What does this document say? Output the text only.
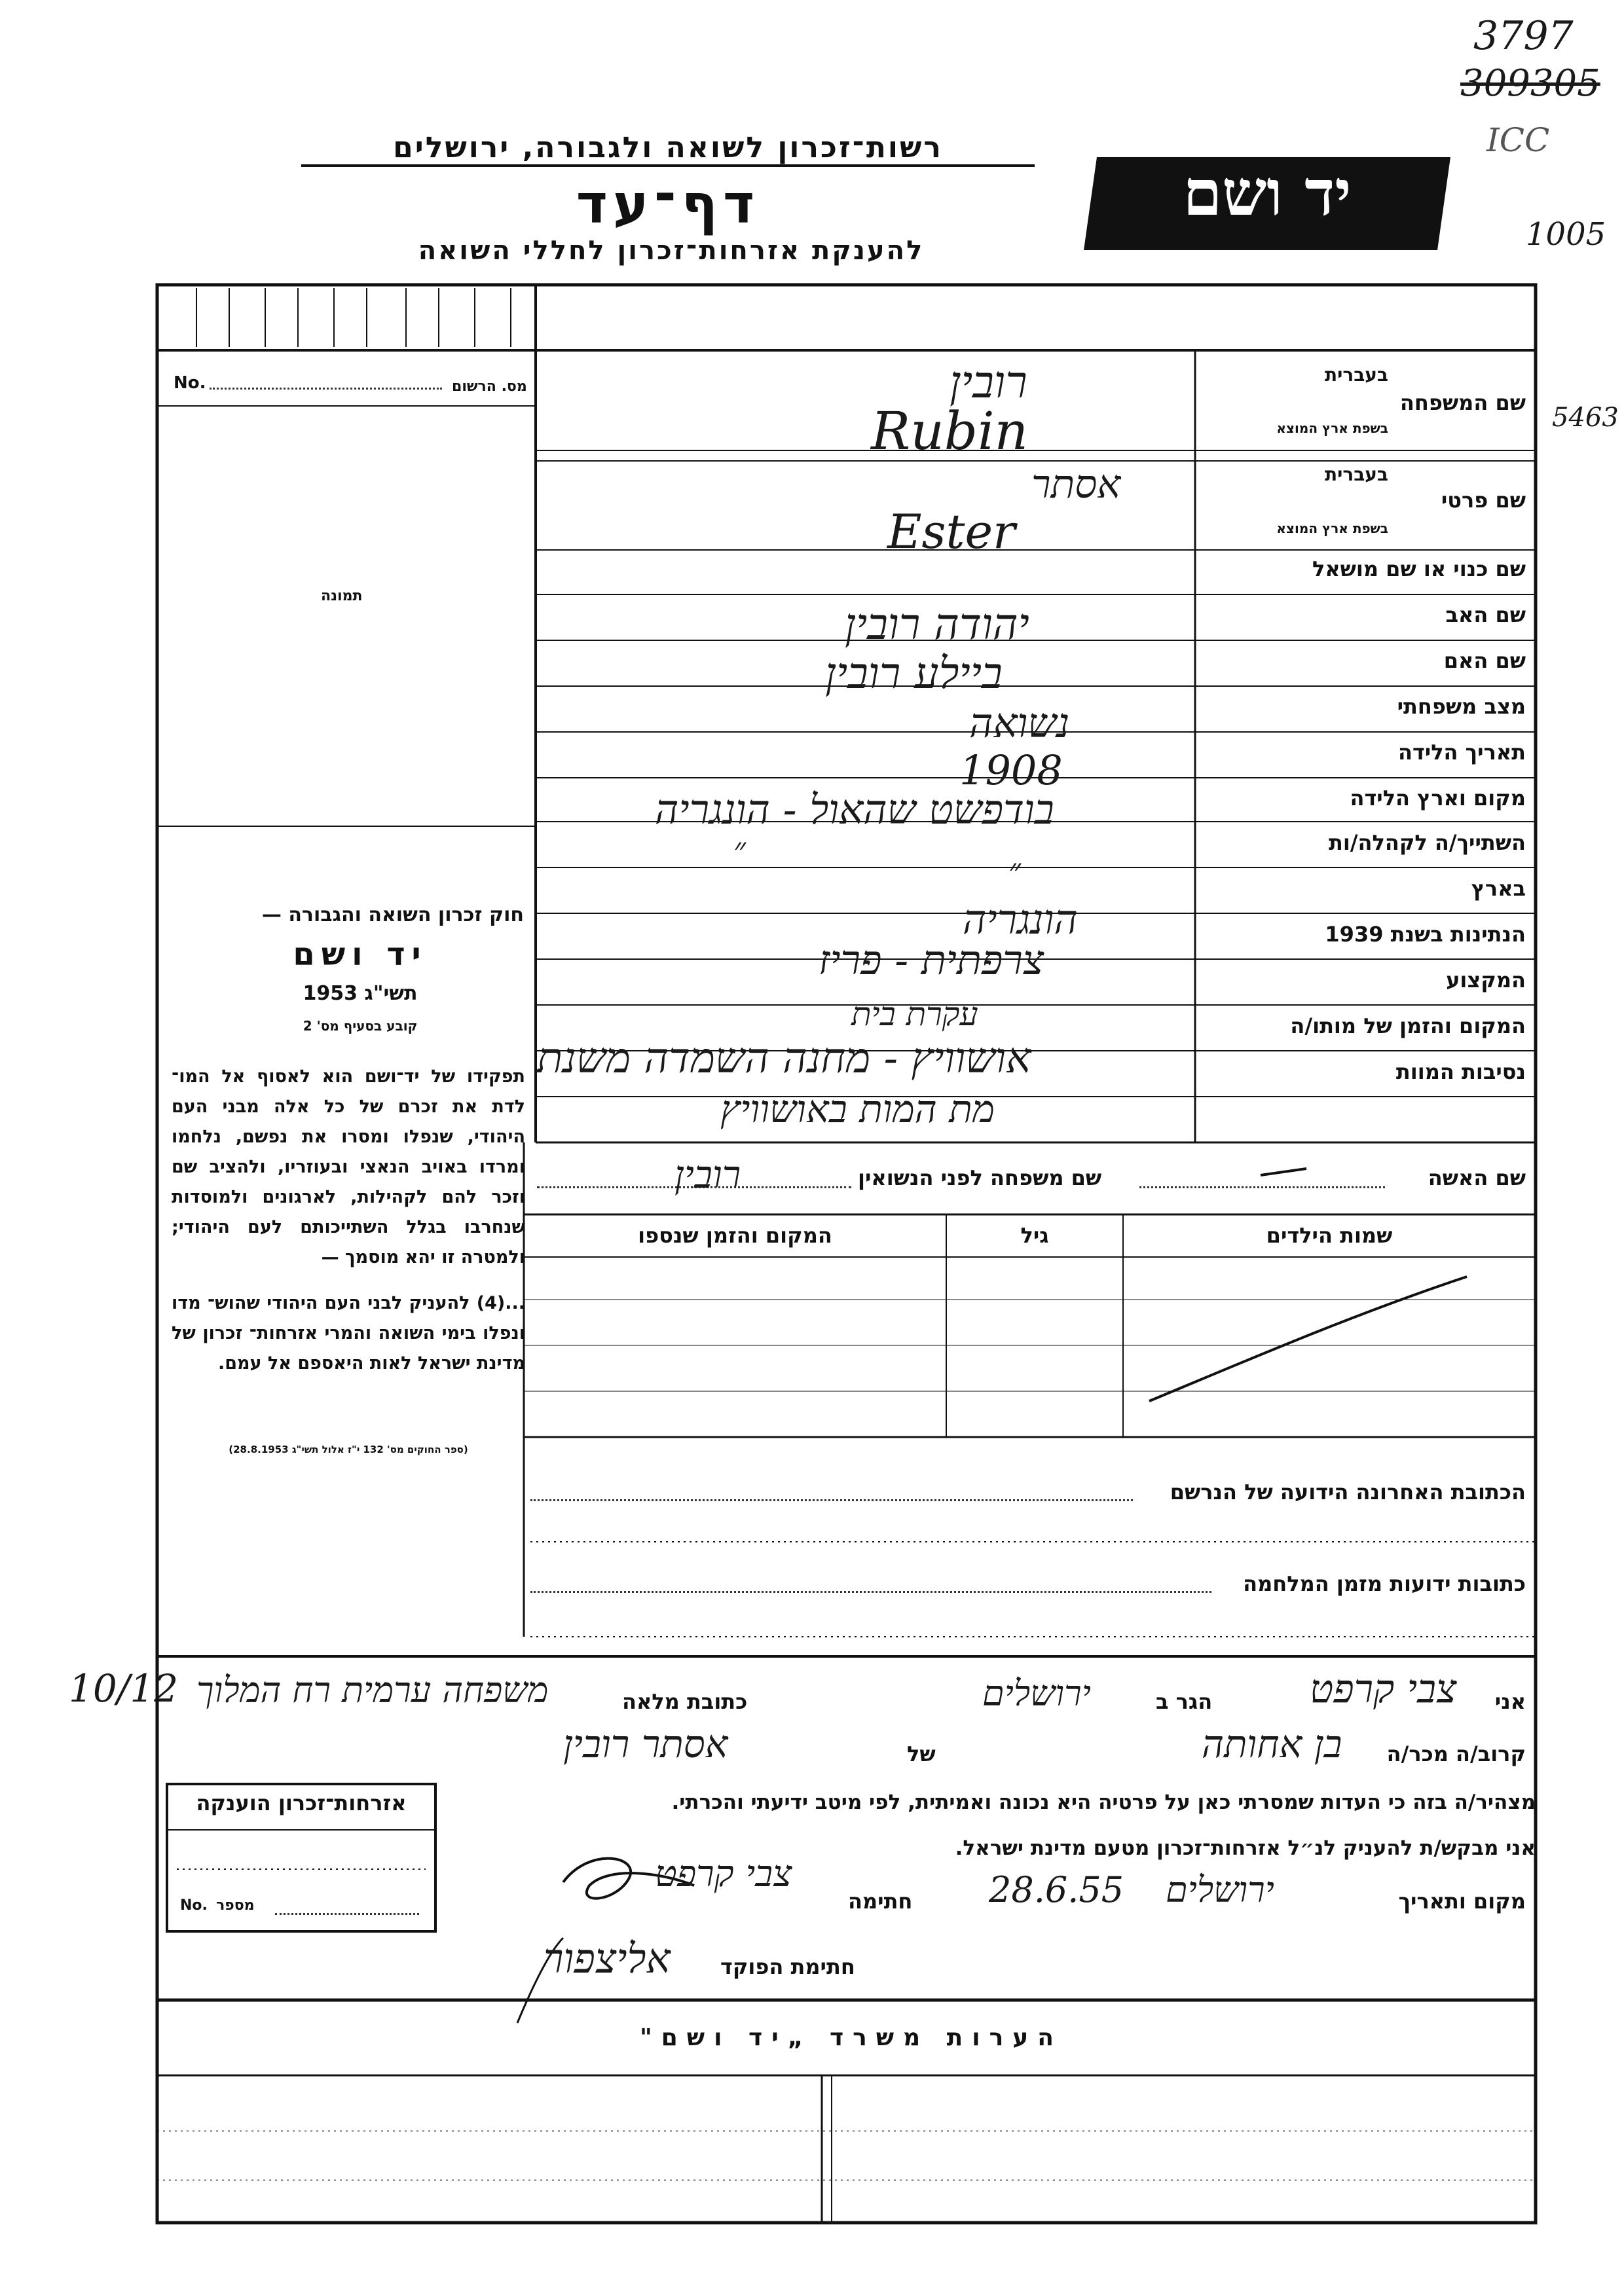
3797
309305
ICC
1005
5463
10/12
רשות־זכרון לשואה ולגבורה, ירושלים
דף־עד
להענקת אזרחות־זכרון לחללי השואה
יד ושם
מס. הרשום
No.
תמונה
חוק זכרון השואה והגבורה —
יד ושם
תשי"ג 1953
קובע בסעיף מס' 2
תפקידו של יד־ושם הוא לאסוף אל המו־ לדת את זכרם של כל אלה מבני העם היהודי, שנפלו ומסרו את נפשם, נלחמו ומרדו באויב הנאצי ובעוזריו, ולהציב שם וזכר להם לקהילות, לארגונים ולמוסדות שנחרבו בגלל השתייכותם לעם היהודי; ולמטרה זו יהא מוסמך —
...(4) להעניק לבני העם היהודי שהוש־ מדו ונפלו בימי השואה והמרי אזרחות־ זכרון של מדינת ישראל לאות היאספם אל עמם.
(ספר החוקים מס' 132 י"ז אלול תשי"ג 28.8.1953)
שם המשפחה
בעברית
בשפת ארץ המוצא
שם פרטי
בעברית
בשפת ארץ המוצא
שם כנוי או שם מושאל
שם האב
שם האם
מצב משפחתי
תאריך הלידה
מקום וארץ הלידה
השתייך/ה לקהלה/ות
בארץ
הנתינות בשנת 1939
המקצוע
המקום והזמן של מותו/ה
נסיבות המוות
רובין
Rubin
אסתר
Ester
יהודה רובין
ביילע רובין
נשואה
1908
בודפשט שהאול - הונגריה
״
״
הונגריה
צרפתית - פריז
עקרת בית
אושוויץ - מחנה השמדה משנת
מת המות באושוויץ
שם האשה
שם משפחה לפני הנשואין
רובין
שמות הילדים
גיל
המקום והזמן שנספו
הכתובת האחרונה הידועה של הנרשם
כתובות ידועות מזמן המלחמה
אני
צבי קרפט
הגר ב
ירושלים
כתובת מלאה
משפחה ערמית רח המלוך
קרוב/ה מכר/ה
בן אחותה
של
אסתר רובין
אזרחות־זכרון הוענקה
No. מספר
מצהיר/ה בזה כי העדות שמסרתי כאן על פרטיה היא נכונה ואמיתית, לפי מיטב ידיעתי והכרתי.
אני מבקש/ת להעניק לנ״ל אזרחות־זכרון מטעם מדינת ישראל.
מקום ותאריך
ירושלים
28.6.55
חתימה
צבי קרפט
חתימת הפוקד
אליצפור
הערות משרד „יד ושם"
